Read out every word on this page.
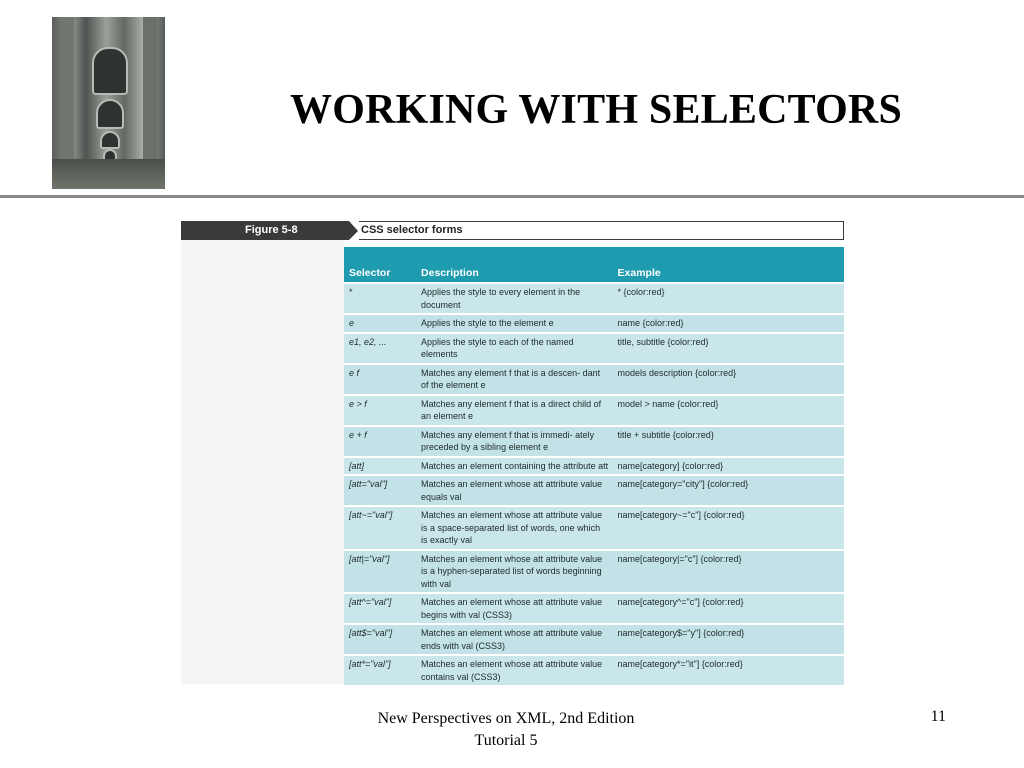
WORKING WITH SELECTORS
Figure 5-8	CSS selector forms
Selector	Description	Example
*	Applies the style to every element in the document	* {color:red}
e	Applies the style to the element e	name {color:red}
e1, e2, ...	Applies the style to each of the named elements	title, subtitle {color:red}
e f	Matches any element f that is a descen- dant of the element e	models description {color:red}
e > f	Matches any element f that is a direct child of an element e	model > name {color:red}
e + f	Matches any element f that is immedi- ately preceded by a sibling element e	title + subtitle {color:red}
[att]	Matches an element containing the attribute att	name[category] {color:red}
[att="val"]	Matches an element whose att attribute value equals val	name[category="city"] {color:red}
[att~="val"]	Matches an element whose att attribute value is a space-separated list of words, one which is exactly val	name[category~="c"] {color:red}
[att|="val"]	Matches an element whose att attribute value is a hyphen-separated list of words beginning with val	name[category|="c"] {color:red}
[att^="val"]	Matches an element whose att attribute value begins with val (CSS3)	name[category^="c"] {color:red}
[att$="val"]	Matches an element whose att attribute value ends with val (CSS3)	name[category$="y"] {color:red}
[att*="val"]	Matches an element whose att attribute value contains val (CSS3)	name[category*="it"] {color:red}
New Perspectives on XML, 2nd Edition
Tutorial 5
11
